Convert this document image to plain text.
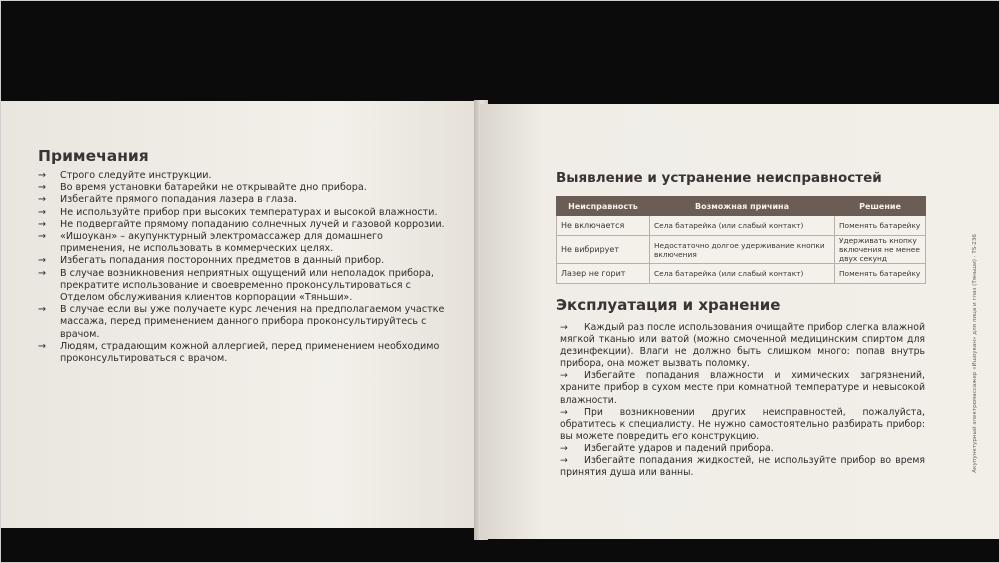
Примечания
→ Строго следуйте инструкции.
→ Во время установки батарейки не открывайте дно прибора.
→ Избегайте прямого попадания лазера в глаза.
→ Не используйте прибор при высоких температурах и высокой влажности.
→ Не подвергайте прямому попаданию солнечных лучей и газовой коррозии.
→ «Ишоукан» – акупунктурный электромассажер для домашнего применения, не использовать в коммерческих целях.
→ Избегать попадания посторонних предметов в данный прибор.
→ В случае возникновения неприятных ощущений или неполадок прибора, прекратите использование и своевременно проконсультироваться с Отделом обслуживания клиентов корпорации «Тяньши».
→ В случае если вы уже получаете курс лечения на предполагаемом участке массажа, перед применением данного прибора проконсультируйтесь с врачом.
→ Людям, страдающим кожной аллергией, перед применением необходимо проконсультироваться с врачом.
Выявление и устранение неисправностей
Неисправность	Возможная причина	Решение
Не включается	Села батарейка (или слабый контакт)	Поменять батарейку
Не вибрирует	Недостаточно долгое удерживание кнопки включения	Удерживать кнопку включения не менее двух секунд
Лазер не горит	Села батарейка (или слабый контакт)	Поменять батарейку
Эксплуатация и хранение
→ Каждый раз после использования очищайте прибор слегка влажной мягкой тканью или ватой (можно смоченной медицинским спиртом для дезинфекции). Влаги не должно быть слишком много: попав внутрь прибора, она может вызвать поломку.
→ Избегайте попадания влажности и химических загрязнений, храните прибор в сухом месте при комнатной температуре и невысокой влажности.
→ При возникновении других неисправностей, пожалуйста, обратитесь к специалисту. Не нужно самостоятельно разбирать прибор: вы можете повредить его конструкцию.
→ Избегайте ударов и падений прибора.
→ Избегайте попадания жидкостей, не используйте прибор во время принятия душа или ванны.	Акупунктурный электромассажер «Ишоукан» для лица и глаз (Тяньши) · TS-236
